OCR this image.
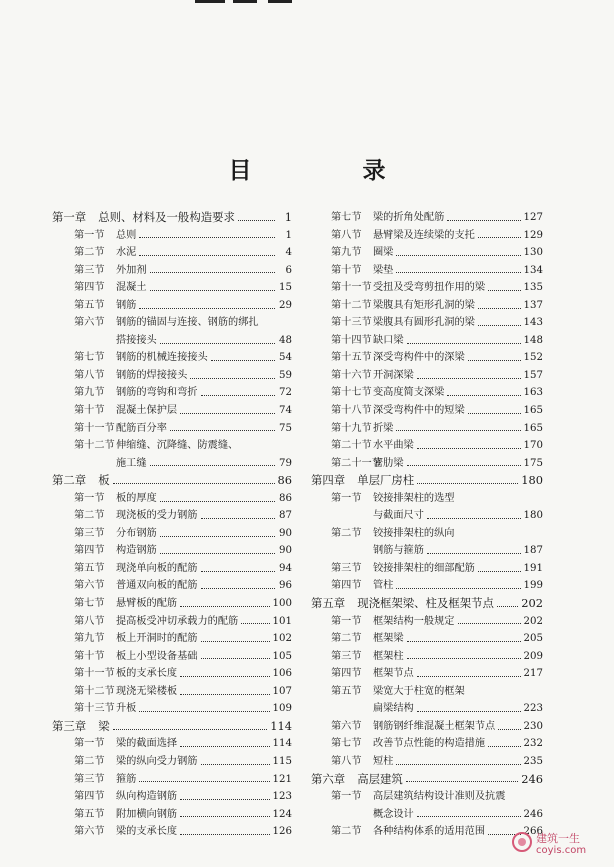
目　录
第一章 总则、材料及一般构造要求	1
第一节 总则	1
第二节 水泥	4
第三节 外加剂	6
第四节 混凝土	15
第五节 钢筋	29
第六节 钢筋的锚固与连接、钢筋的绑扎
搭接接头	48
第七节 钢筋的机械连接接头	54
第八节 钢筋的焊接接头	59
第九节 钢筋的弯钩和弯折	72
第十节 混凝土保护层	74
第十一节 配筋百分率	75
第十二节 伸缩缝、沉降缝、防震缝、
施工缝	79
第二章 板	86
第一节 板的厚度	86
第二节 现浇板的受力钢筋	87
第三节 分布钢筋	90
第四节 构造钢筋	90
第五节 现浇单向板的配筋	94
第六节 普通双向板的配筋	96
第七节 悬臂板的配筋	100
第八节 提高板受冲切承载力的配筋	101
第九节 板上开洞时的配筋	102
第十节 板上小型设备基础	105
第十一节 板的支承长度	106
第十二节 现浇无梁楼板	107
第十三节 升板	109
第三章 梁	114
第一节 梁的截面选择	114
第二节 梁的纵向受力钢筋	115
第三节 箍筋	121
第四节 纵向构造钢筋	123
第五节 附加横向钢筋	124
第六节 梁的支承长度	126
第七节 梁的折角处配筋	127
第八节 悬臂梁及连续梁的支托	129
第九节 圈梁	130
第十节 梁垫	134
第十一节 受扭及受弯剪扭作用的梁	135
第十二节 梁腹具有矩形孔洞的梁	137
第十三节 梁腹具有圆形孔洞的梁	143
第十四节 缺口梁	148
第十五节 深受弯构件中的深梁	152
第十六节 开洞深梁	157
第十七节 变高度简支深梁	163
第十八节 深受弯构件中的短梁	165
第十九节 折梁	165
第二十节 水平曲梁	170
第二十一节
密肋梁	175
第四章 单层厂房柱	180
第一节 铰接排架柱的选型
与截面尺寸	180
第二节 铰接排架柱的纵向
钢筋与箍筋	187
第三节 铰接排架柱的细部配筋	191
第四节 管柱	199
第五章 现浇框架梁、柱及框架节点 202
第一节 框架结构一般规定	202
第二节 框架梁	205
第三节 框架柱	209
第四节 框架节点	217
第五节 梁宽大于柱宽的框架
扁梁结构	223
第六节 钢筋钢纤维混凝土框架节点	230
第七节 改善节点性能的构造措施	232
第八节 短柱	235
第六章 高层建筑	246
第一节 高层建筑结构设计准则及抗震
概念设计	246
第二节 各种结构体系的适用范围	266
建筑一生
coyis.com
